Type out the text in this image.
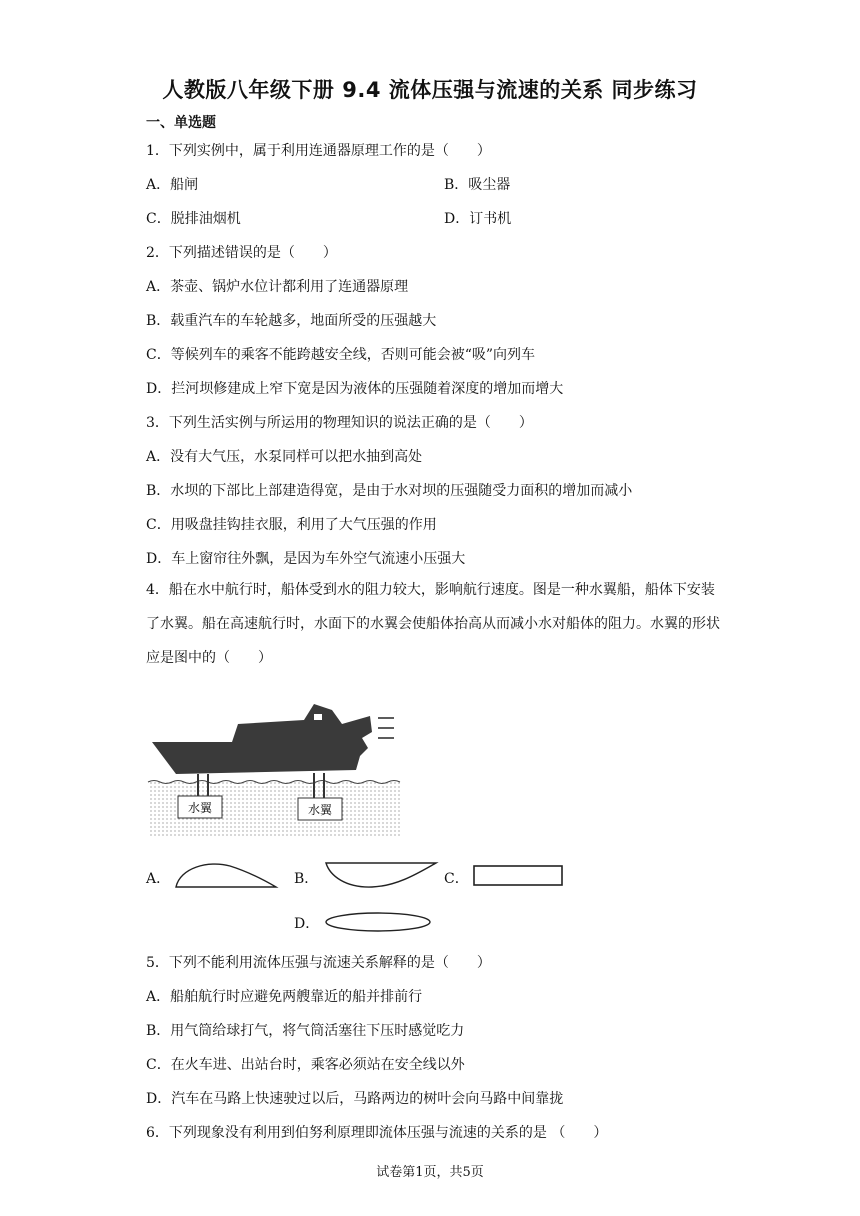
人教版八年级下册 9.4 流体压强与流速的关系 同步练习
一、单选题
1．下列实例中，属于利用连通器原理工作的是（　　）
A．船闸	B．吸尘器
C．脱排油烟机	D．订书机
2．下列描述错误的是（　　）
A．茶壶、锅炉水位计都利用了连通器原理
B．载重汽车的车轮越多，地面所受的压强越大
C．等候列车的乘客不能跨越安全线，否则可能会被“吸”向列车
D．拦河坝修建成上窄下宽是因为液体的压强随着深度的增加而增大
3．下列生活实例与所运用的物理知识的说法正确的是（　　）
A．没有大气压，水泵同样可以把水抽到高处
B．水坝的下部比上部建造得宽，是由于水对坝的压强随受力面积的增加而减小
C．用吸盘挂钩挂衣服，利用了大气压强的作用
D．车上窗帘往外飘，是因为车外空气流速小压强大
4．船在水中航行时，船体受到水的阻力较大，影响航行速度。图是一种水翼船，船体下安装了水翼。船在高速航行时，水面下的水翼会使船体抬高从而减小水对船体的阻力。水翼的形状应是图中的（　　）
水翼	水翼
A．	B．	C．
D．
5．下列不能利用流体压强与流速关系解释的是（　　）
A．船舶航行时应避免两艘靠近的船并排前行
B．用气筒给球打气，将气筒活塞往下压时感觉吃力
C．在火车进、出站台时，乘客必须站在安全线以外
D．汽车在马路上快速驶过以后，马路两边的树叶会向马路中间靠拢
6．下列现象没有利用到伯努利原理即流体压强与流速的关系的是 （　　）
试卷第1页，共5页
